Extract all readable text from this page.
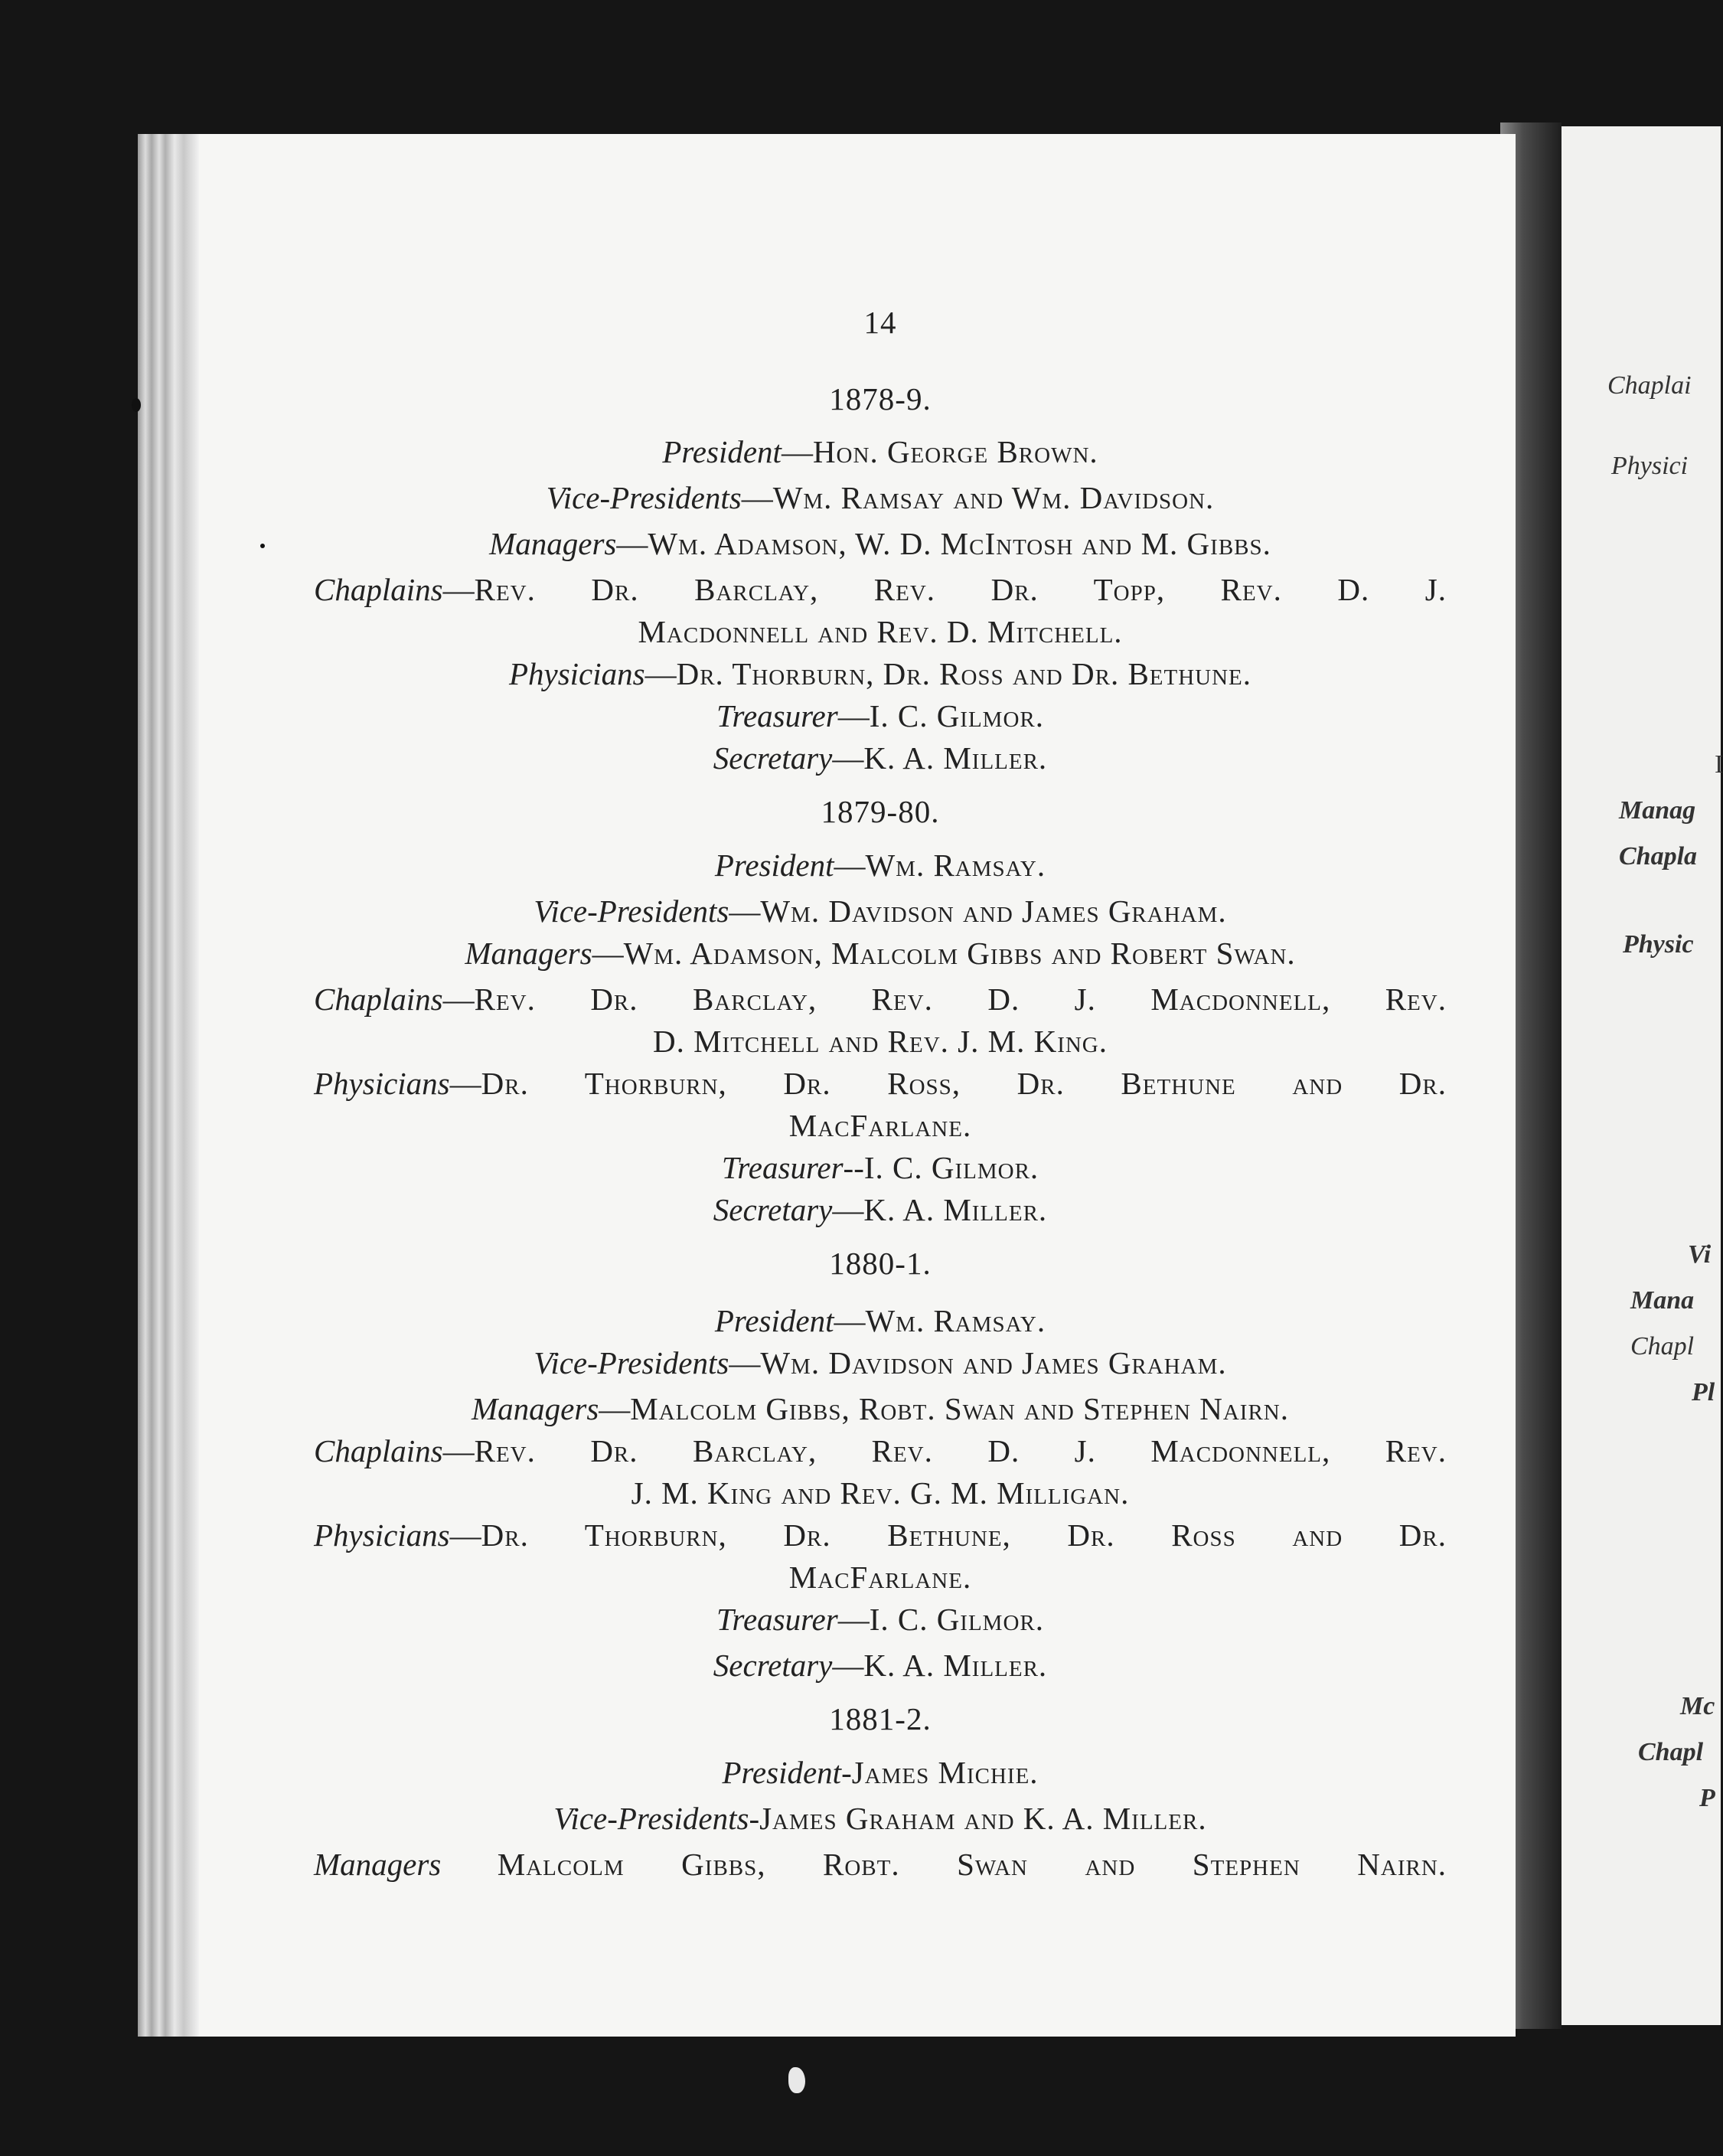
Chaplai
Physici
I
Manag
Chapla
Physic
Vi
Mana
Chapl
Pl
Mc
Chapl
P
14
1878-9.
President—Hon. George Brown.
Vice-Presidents—Wm. Ramsay and Wm. Davidson.
Managers—Wm. Adamson, W. D. McIntosh and M. Gibbs.
Chaplains—Rev. Dr. Barclay, Rev. Dr. Topp, Rev. D. J.
Macdonnell and Rev. D. Mitchell.
Physicians—Dr. Thorburn, Dr. Ross and Dr. Bethune.
Treasurer—I. C. Gilmor.
Secretary—K. A. Miller.
1879-80.
President—Wm. Ramsay.
Vice-Presidents—Wm. Davidson and James Graham.
Managers—Wm. Adamson, Malcolm Gibbs and Robert Swan.
Chaplains—Rev. Dr. Barclay, Rev. D. J. Macdonnell, Rev.
D. Mitchell and Rev. J. M. King.
Physicians—Dr. Thorburn, Dr. Ross, Dr. Bethune and Dr.
MacFarlane.
Treasurer--I. C. Gilmor.
Secretary—K. A. Miller.
1880-1.
President—Wm. Ramsay.
Vice-Presidents—Wm. Davidson and James Graham.
Managers—Malcolm Gibbs, Robt. Swan and Stephen Nairn.
Chaplains—Rev. Dr. Barclay, Rev. D. J. Macdonnell, Rev.
J. M. King and Rev. G. M. Milligan.
Physicians—Dr. Thorburn, Dr. Bethune, Dr. Ross and Dr.
MacFarlane.
Treasurer—I. C. Gilmor.
Secretary—K. A. Miller.
1881-2.
President-James Michie.
Vice-Presidents-James Graham and K. A. Miller.
Managers Malcolm Gibbs, Robt. Swan and Stephen Nairn.
